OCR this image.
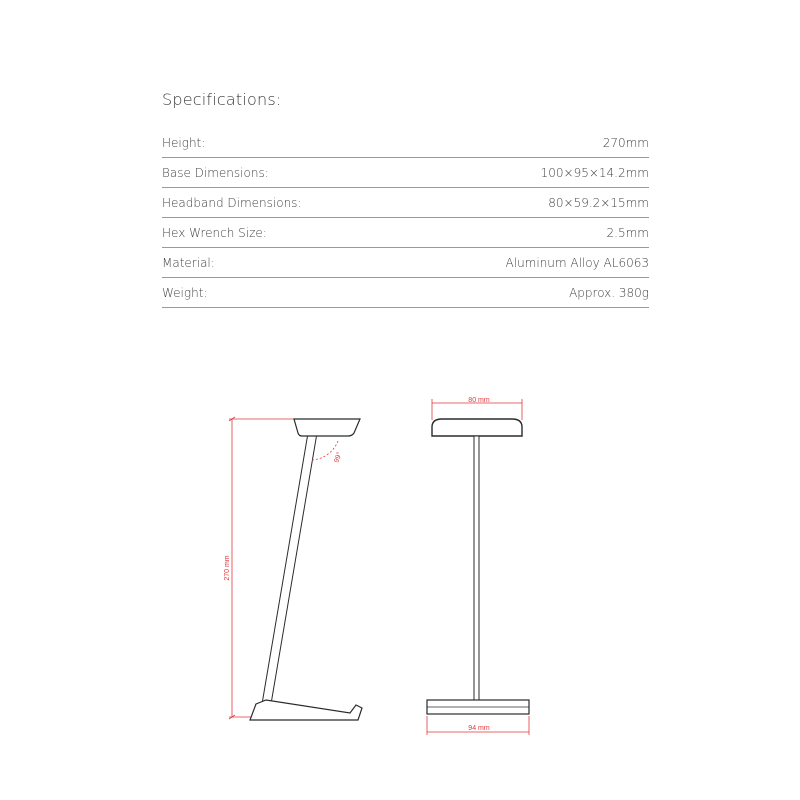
Specifications:
Height:	270mm
Base Dimensions:	100×95×14.2mm
Headband Dimensions:	80×59.2×15mm
Hex Wrench Size:	2.5mm
Material:	Aluminum Alloy AL6063
Weight:	Approx. 380g
270 mm
99°
80 mm
94 mm
